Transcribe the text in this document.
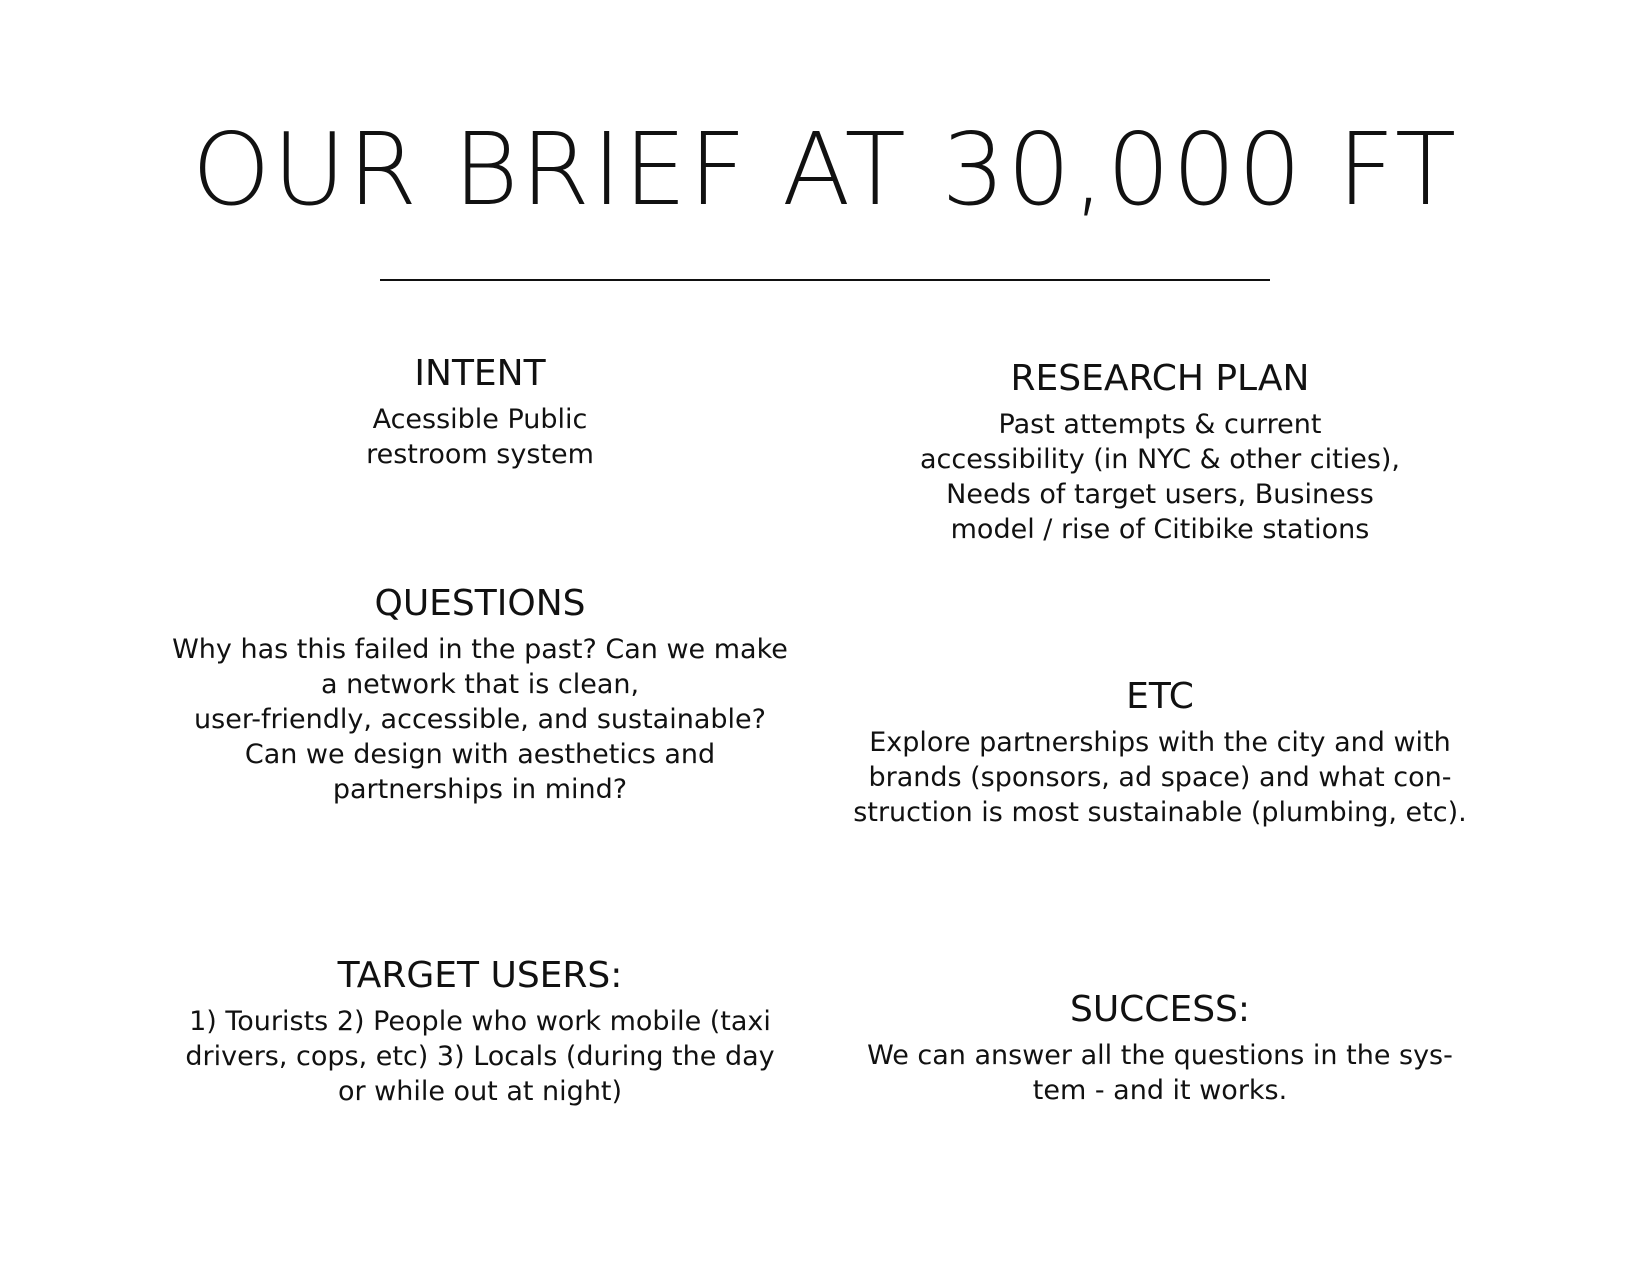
OUR BRIEF AT 30,000 FT
INTENT
Acessible Public
restroom system
RESEARCH PLAN
Past attempts & current
accessibility (in NYC & other cities),
Needs of target users, Business
model / rise of Citibike stations
QUESTIONS
Why has this failed in the past? Can we make
a network that is clean,
user-friendly, accessible, and sustainable?
Can we design with aesthetics and
partnerships in mind?
ETC
Explore partnerships with the city and with
brands (sponsors, ad space) and what con-
struction is most sustainable (plumbing, etc).
TARGET USERS:
1) Tourists 2) People who work mobile (taxi
drivers, cops, etc) 3) Locals (during the day
or while out at night)
SUCCESS:
We can answer all the questions in the sys-
tem - and it works.
